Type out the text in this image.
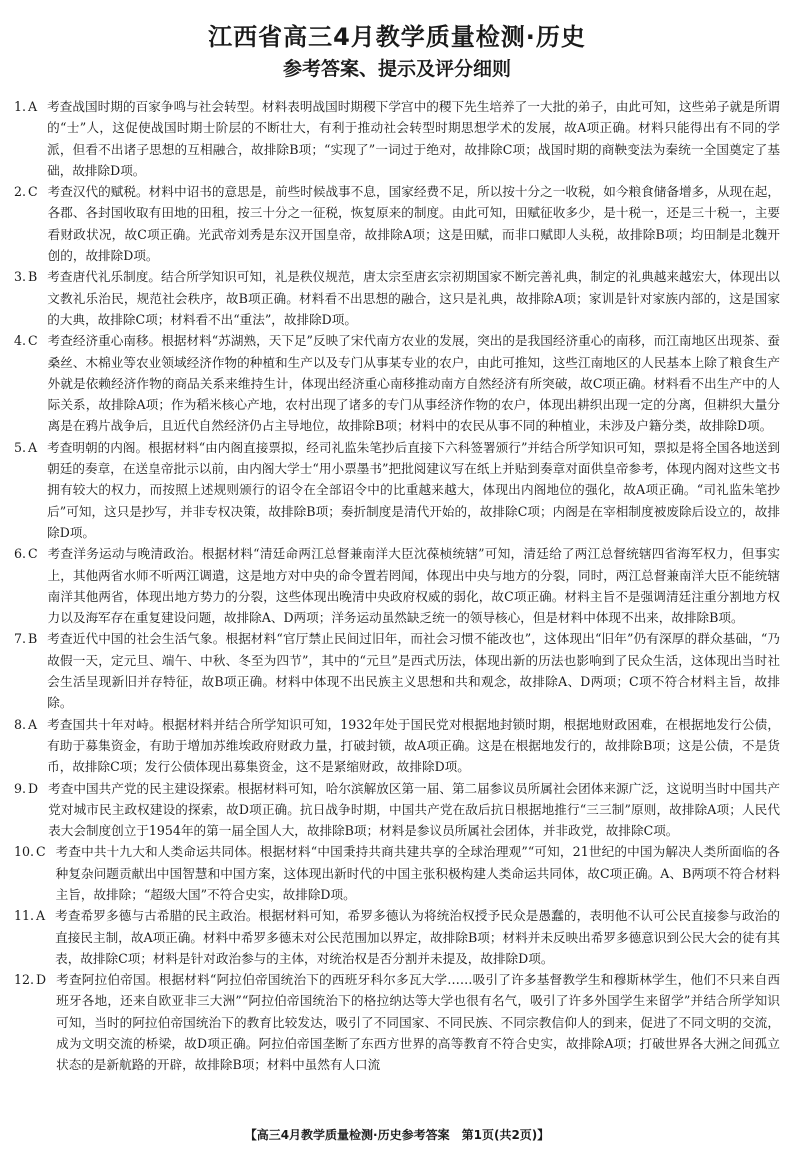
江西省高三4月教学质量检测·历史
参考答案、提示及评分细则
1. A 考查战国时期的百家争鸣与社会转型。材料表明战国时期稷下学宫中的稷下先生培养了一大批的弟子，由此可知，这些弟子就是所谓的“士”人，这促使战国时期士阶层的不断壮大，有利于推动社会转型时期思想学术的发展，故A项正确。材料只能得出有不同的学派，但看不出诸子思想的互相融合，故排除B项；“实现了”一词过于绝对，故排除C项；战国时期的商鞅变法为秦统一全国奠定了基础，故排除D项。
2. C 考查汉代的赋税。材料中诏书的意思是，前些时候战事不息，国家经费不足，所以按十分之一收税，如今粮食储备增多，从现在起，各郡、各封国收取有田地的田租，按三十分之一征税，恢复原来的制度。由此可知，田赋征收多少，是十税一，还是三十税一，主要看财政状况，故C项正确。光武帝刘秀是东汉开国皇帝，故排除A项；这是田赋，而非口赋即人头税，故排除B项；均田制是北魏开创的，故排除D项。
3. B 考查唐代礼乐制度。结合所学知识可知，礼是秩仪规范，唐太宗至唐玄宗初期国家不断完善礼典，制定的礼典越来越宏大，体现出以文教礼乐治民，规范社会秩序，故B项正确。材料看不出思想的融合，这只是礼典，故排除A项；家训是针对家族内部的，这是国家的大典，故排除C项；材料看不出“重法”，故排除D项。
4. C 考查经济重心南移。根据材料“苏湖熟，天下足”反映了宋代南方农业的发展，突出的是我国经济重心的南移，而江南地区出现茶、蚕桑丝、木棉业等农业领域经济作物的种植和生产以及专门从事某专业的农户，由此可推知，这些江南地区的人民基本上除了粮食生产外就是依赖经济作物的商品关系来维持生计，体现出经济重心南移推动南方自然经济有所突破，故C项正确。材料看不出生产中的人际关系，故排除A项；作为稻米核心产地，农村出现了诸多的专门从事经济作物的农户，体现出耕织出现一定的分离，但耕织大量分离是在鸦片战争后，且近代自然经济仍占主导地位，故排除B项；材料中的农民从事不同的种植业，未涉及户籍分类，故排除D项。
5. A 考查明朝的内阁。根据材料“由内阁直接票拟，经司礼监朱笔抄后直接下六科签署颁行”并结合所学知识可知，票拟是将全国各地送到朝廷的奏章，在送皇帝批示以前，由内阁大学士“用小票墨书”把批阅建议写在纸上并贴到奏章对面供皇帝参考，体现内阁对这些文书拥有较大的权力，而按照上述规则颁行的诏令在全部诏令中的比重越来越大，体现出内阁地位的强化，故A项正确。“司礼监朱笔抄后”可知，这只是抄写，并非专权决策，故排除B项；奏折制度是清代开始的，故排除C项；内阁是在宰相制度被废除后设立的，故排除D项。
6. C 考查洋务运动与晚清政治。根据材料“清廷命两江总督兼南洋大臣沈葆桢统辖”可知，清廷给了两江总督统辖四省海军权力，但事实上，其他两省水师不听两江调遣，这是地方对中央的命令置若罔闻，体现出中央与地方的分裂，同时，两江总督兼南洋大臣不能统辖南洋其他两省，体现出地方势力的分裂，这些体现出晚清中央政府权威的弱化，故C项正确。材料主旨不是强调清廷注重分割地方权力以及海军存在重复建设问题，故排除A、D两项；洋务运动虽然缺乏统一的领导核心，但是材料中体现不出来，故排除B项。
7. B 考查近代中国的社会生活气象。根据材料“官厅禁止民间过旧年，而社会习惯不能改也”，这体现出“旧年”仍有深厚的群众基础，“乃故假一天，定元旦、端午、中秋、冬至为四节”，其中的“元旦”是西式历法，体现出新的历法也影响到了民众生活，这体现出当时社会生活呈现新旧并存特征，故B项正确。材料中体现不出民族主义思想和共和观念，故排除A、D两项；C项不符合材料主旨，故排除。
8. A 考查国共十年对峙。根据材料并结合所学知识可知，1932年处于国民党对根据地封锁时期，根据地财政困难，在根据地发行公债，有助于募集资金，有助于增加苏维埃政府财政力量，打破封锁，故A项正确。这是在根据地发行的，故排除B项；这是公债，不是货币，故排除C项；发行公债体现出募集资金，这不是紧缩财政，故排除D项。
9. D 考查中国共产党的民主建设探索。根据材料可知，哈尔滨解放区第一届、第二届参议员所属社会团体来源广泛，这说明当时中国共产党对城市民主政权建设的探索，故D项正确。抗日战争时期，中国共产党在敌后抗日根据地推行“三三制”原则，故排除A项；人民代表大会制度创立于1954年的第一届全国人大，故排除B项；材料是参议员所属社会团体，并非政党，故排除C项。
10. C 考查中共十九大和人类命运共同体。根据材料“中国秉持共商共建共享的全球治理观”“可知，21世纪的中国为解决人类所面临的各种复杂问题贡献出中国智慧和中国方案，这体现出新时代的中国主张积极构建人类命运共同体，故C项正确。A、B两项不符合材料主旨，故排除；“超级大国”不符合史实，故排除D项。
11. A 考查希罗多德与古希腊的民主政治。根据材料可知，希罗多德认为将统治权授予民众是愚蠢的，表明他不认可公民直接参与政治的直接民主制，故A项正确。材料中希罗多德未对公民范围加以界定，故排除B项；材料并未反映出希罗多德意识到公民大会的徒有其表，故排除C项；材料是针对政治参与的主体，对统治权是否分割并未提及，故排除D项。
12. D 考查阿拉伯帝国。根据材料“阿拉伯帝国统治下的西班牙科尔多瓦大学……吸引了许多基督教学生和穆斯林学生，他们不只来自西班牙各地，还来自欧亚非三大洲”“阿拉伯帝国统治下的格拉纳达等大学也很有名气，吸引了许多外国学生来留学”并结合所学知识可知，当时的阿拉伯帝国统治下的教育比较发达，吸引了不同国家、不同民族、不同宗教信仰人的到来，促进了不同文明的交流，成为文明交流的桥梁，故D项正确。阿拉伯帝国垄断了东西方世界的高等教育不符合史实，故排除A项；打破世界各大洲之间孤立状态的是新航路的开辟，故排除B项；材料中虽然有人口流
【高三4月教学质量检测·历史参考答案　第1页(共2页)】
